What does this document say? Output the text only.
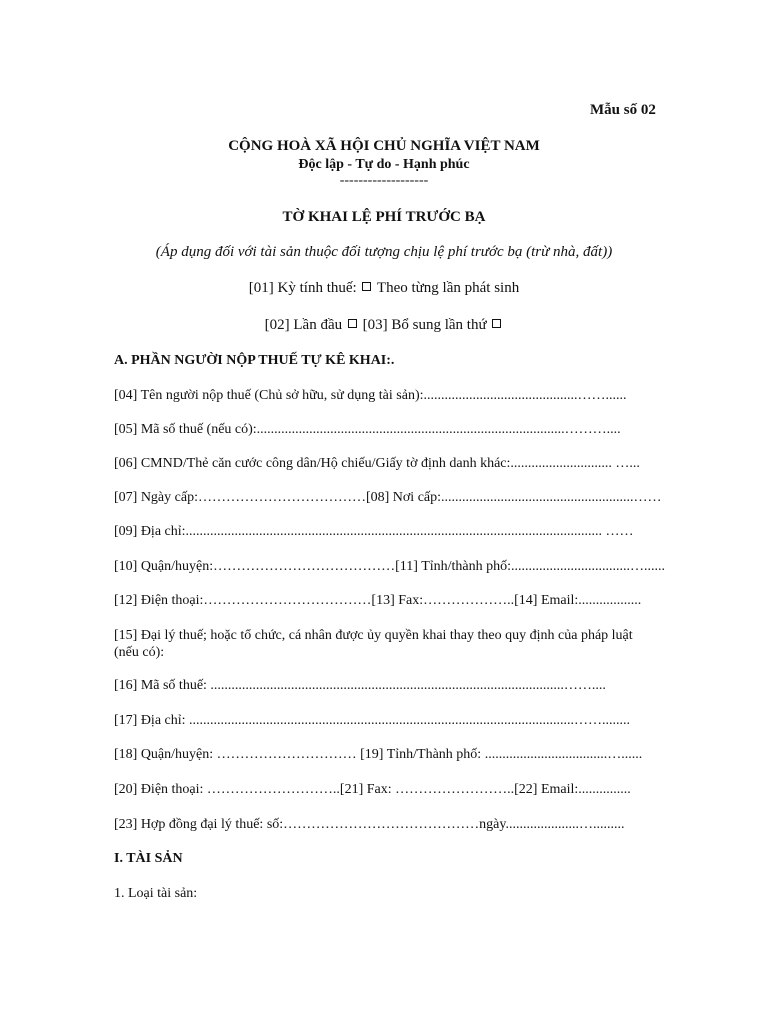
Mẫu số 02
CỘNG HOÀ XÃ HỘI CHỦ NGHĨA VIỆT NAM
Độc lập - Tự do - Hạnh phúc
-------------------
TỜ KHAI LỆ PHÍ TRƯỚC BẠ
(Áp dụng đối với tài sản thuộc đối tượng chịu lệ phí trước bạ (trừ nhà, đất))
[01] Kỳ tính thuế: Theo từng lần phát sinh
[02] Lần đầu [03] Bổ sung lần thứ
A. PHẦN NGƯỜI NỘP THUẾ TỰ KÊ KHAI:.
[04] Tên người nộp thuế (Chủ sở hữu, sử dụng tài sản):............................................……......
[05] Mã số thuế (nếu có):........................................................................................………....
[06] CMND/Thẻ căn cước công dân/Hộ chiếu/Giấy tờ định danh khác:............................. …...
[07] Ngày cấp:………………………………[08] Nơi cấp:.......................................................……
[09] Địa chỉ:....................................................................................................................... ……
[10] Quận/huyện:…………………………………[11] Tỉnh/thành phố:..................................…......
[12] Điện thoại:………………………………[13] Fax:………………..[14] Email:..................
[15] Đại lý thuế; hoặc tổ chức, cá nhân được ủy quyền khai thay theo quy định của pháp luật (nếu có):
[16] Mã số thuế: .....................................................................................................……....
[17] Địa chỉ: ..............................................................................................................……........
[18] Quận/huyện: ………………………… [19] Tỉnh/Thành phố: ...................................…......
[20] Điện thoại: ………………………..[21] Fax: ……………………..[22] Email:...............
[23] Hợp đồng đại lý thuế: số:……………………………………ngày.....................….........
I. TÀI SẢN
1. Loại tài sản:
